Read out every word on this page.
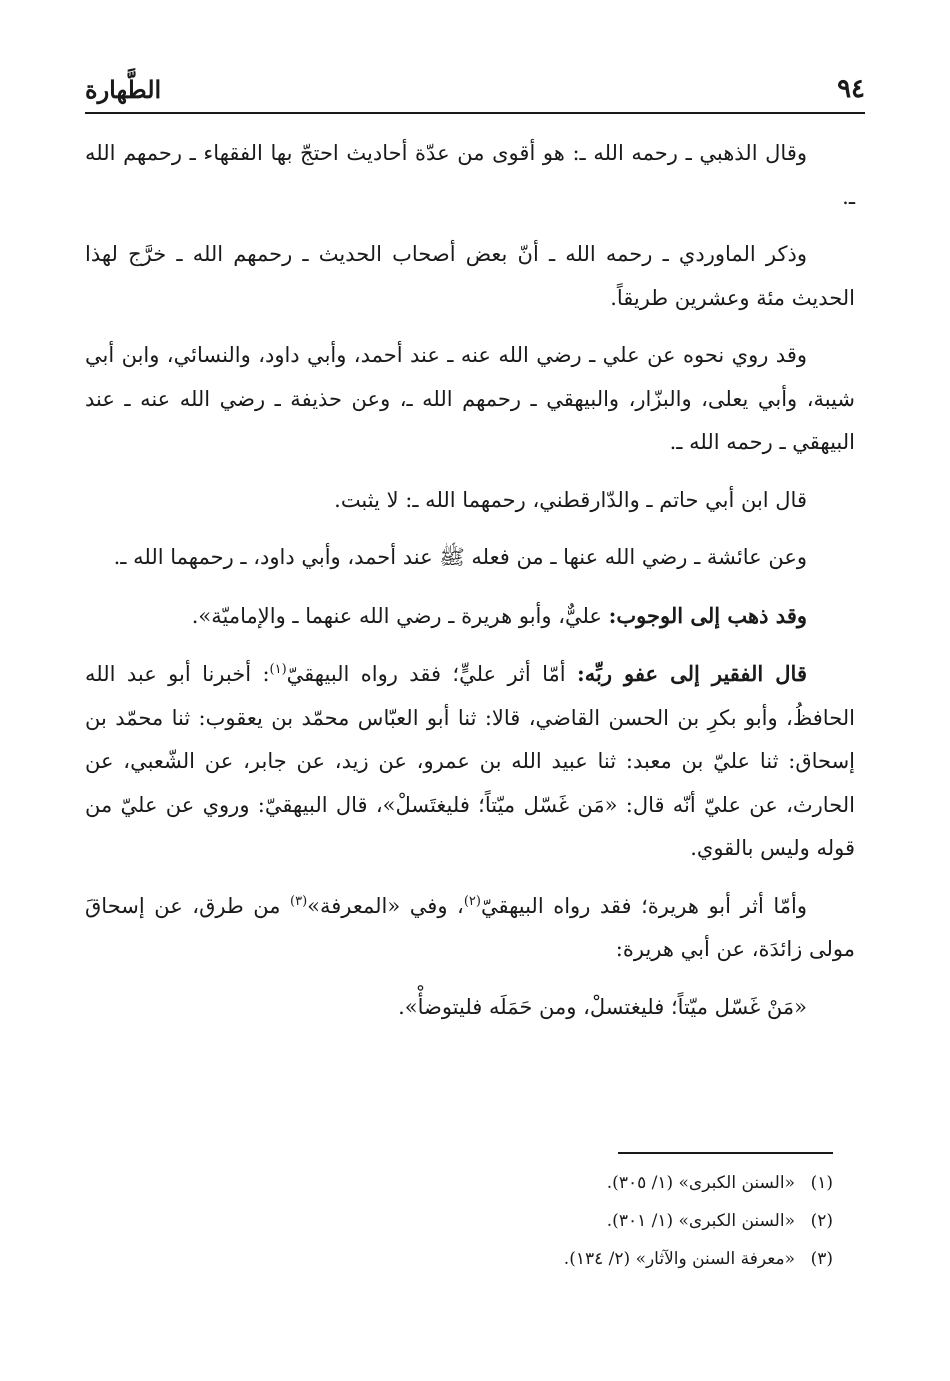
٩٤
الطَّهارة

وقال الذهبي ـ رحمه الله ـ: هو أقوى من عدّة أحاديث احتجّ بها الفقهاء ـ رحمهم الله ـ.

وذكر الماوردي ـ رحمه الله ـ أنّ بعض أصحاب الحديث ـ رحمهم الله ـ خرَّج لهذا الحديث مئة وعشرين طريقاً.

وقد روي نحوه عن علي ـ رضي الله عنه ـ عند أحمد، وأبي داود، والنسائي، وابن أبي شيبة، وأبي يعلى، والبزّار، والبيهقي ـ رحمهم الله ـ، وعن حذيفة ـ رضي الله عنه ـ عند البيهقي ـ رحمه الله ـ.

قال ابن أبي حاتم ـ والدّارقطني، رحمهما الله ـ: لا يثبت.

وعن عائشة ـ رضي الله عنها ـ من فعله ﷺ عند أحمد، وأبي داود، ـ رحمهما الله ـ.

وقد ذهب إلى الوجوب: عليٌّ، وأبو هريرة ـ رضي الله عنهما ـ والإماميّة».

قال الفقير إلى عفو ربِّه: أمّا أثر عليٍّ؛ فقد رواه البيهقيّ$^{(١)}$: أخبرنا أبو عبد الله الحافظُ، وأبو بكرِ بن الحسن القاضي، قالا: ثنا أبو العبّاس محمّد بن يعقوب: ثنا محمّد بن إسحاق: ثنا عليّ بن معبد: ثنا عبيد الله بن عمرو، عن زيد، عن جابر، عن الشّعبي، عن الحارث، عن عليّ أنّه قال: «مَن غَسّل ميّتاً؛ فليغتَسلْ»، قال البيهقيّ: وروي عن عليّ من قوله وليس بالقوي.

وأمّا أثر أبو هريرة؛ فقد رواه البيهقيّ$^{(٢)}$، وفي «المعرفة»$^{(٣)}$ من طرق، عن إسحاقَ مولى زائدَة، عن أبي هريرة:

«مَنْ غَسّل ميّتاً؛ فليغتسلْ، ومن حَمَلَه فليتوضأْ».

(١)
«السنن الكبرى» (١/ ٣٠٥).
(٢)
«السنن الكبرى» (١/ ٣٠١).
(٣)
«معرفة السنن والآثار» (٢/ ١٣٤).
